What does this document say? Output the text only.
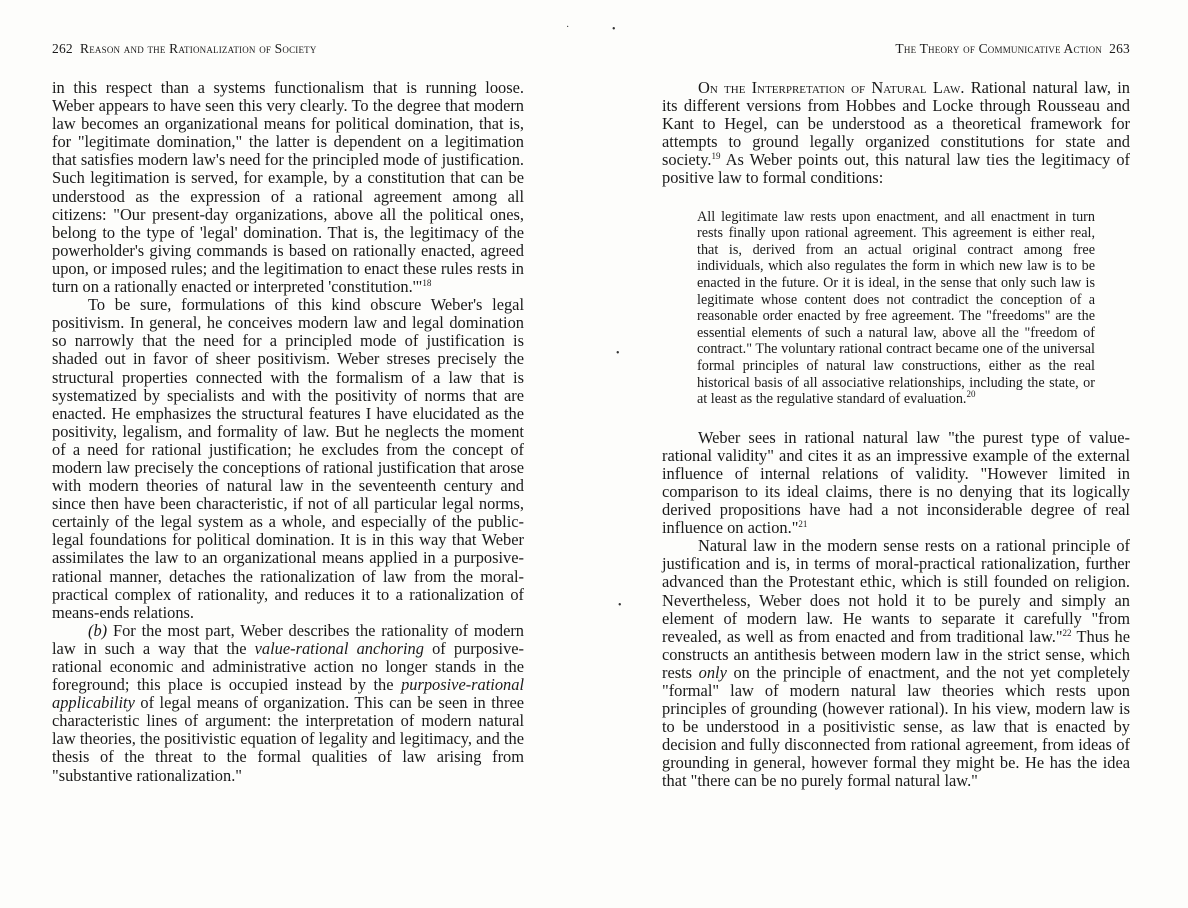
262 Reason and the Rationalization of Society

in this respect than a systems functionalism that is running loose. Weber appears to have seen this very clearly. To the degree that modern law becomes an organizational means for political domination, that is, for "legitimate domination," the latter is dependent on a legitimation that satisfies modern law's need for the principled mode of justification. Such legitimation is served, for example, by a constitution that can be understood as the expression of a rational agreement among all citizens: "Our present-day organizations, above all the political ones, belong to the type of 'legal' domination. That is, the legitimacy of the powerholder's giving commands is based on rationally enacted, agreed upon, or imposed rules; and the legitimation to enact these rules rests in turn on a rationally enacted or interpreted 'constitution.'"$^{18}$

To be sure, formulations of this kind obscure Weber's legal positivism. In general, he conceives modern law and legal domination so narrowly that the need for a principled mode of justification is shaded out in favor of sheer positivism. Weber streses precisely the structural properties connected with the formalism of a law that is systematized by specialists and with the positivity of norms that are enacted. He emphasizes the structural features I have elucidated as the positivity, legalism, and formality of law. But he neglects the moment of a need for rational justification; he excludes from the concept of modern law precisely the conceptions of rational justification that arose with modern theories of natural law in the seventeenth century and since then have been characteristic, if not of all particular legal norms, certainly of the legal system as a whole, and especially of the public-legal foundations for political domination. It is in this way that Weber assimilates the law to an organizational means applied in a purposive-rational manner, detaches the rationalization of law from the moral-practical complex of rationality, and reduces it to a rationalization of means-ends relations.

(b) For the most part, Weber describes the rationality of modern law in such a way that the value-rational anchoring of purposive-rational economic and administrative action no longer stands in the foreground; this place is occupied instead by the purposive-rational applicability of legal means of organization. This can be seen in three characteristic lines of argument: the interpretation of modern natural law theories, the positivistic equation of legality and legitimacy, and the thesis of the threat to the formal qualities of law arising from "substantive rationalization."

·	•
•
•
The Theory of Communicative Action 263

On the Interpretation of Natural Law. Rational natural law, in its different versions from Hobbes and Locke through Rousseau and Kant to Hegel, can be understood as a theoretical framework for attempts to ground legally organized constitutions for state and society.$^{19}$ As Weber points out, this natural law ties the legitimacy of positive law to formal conditions:

All legitimate law rests upon enactment, and all enactment in turn rests finally upon rational agreement. This agreement is either real, that is, derived from an actual original contract among free individuals, which also regulates the form in which new law is to be enacted in the future. Or it is ideal, in the sense that only such law is legitimate whose content does not contradict the conception of a reasonable order enacted by free agreement. The "freedoms" are the essential elements of such a natural law, above all the "freedom of contract." The voluntary rational contract became one of the universal formal principles of natural law constructions, either as the real historical basis of all associative relationships, including the state, or at least as the regulative standard of evaluation.$^{20}$

Weber sees in rational natural law "the purest type of value-rational validity" and cites it as an impressive example of the external influence of internal relations of validity. "However limited in comparison to its ideal claims, there is no denying that its logically derived propositions have had a not inconsiderable degree of real influence on action."$^{21}$

Natural law in the modern sense rests on a rational principle of justification and is, in terms of moral-practical rationalization, further advanced than the Protestant ethic, which is still founded on religion. Nevertheless, Weber does not hold it to be purely and simply an element of modern law. He wants to separate it carefully "from revealed, as well as from enacted and from traditional law."$^{22}$ Thus he constructs an antithesis between modern law in the strict sense, which rests only on the principle of enactment, and the not yet completely "formal" law of modern natural law theories which rests upon principles of grounding (however rational). In his view, modern law is to be understood in a positivistic sense, as law that is enacted by decision and fully disconnected from rational agreement, from ideas of grounding in general, however formal they might be. He has the idea that "there can be no purely formal natural law."
